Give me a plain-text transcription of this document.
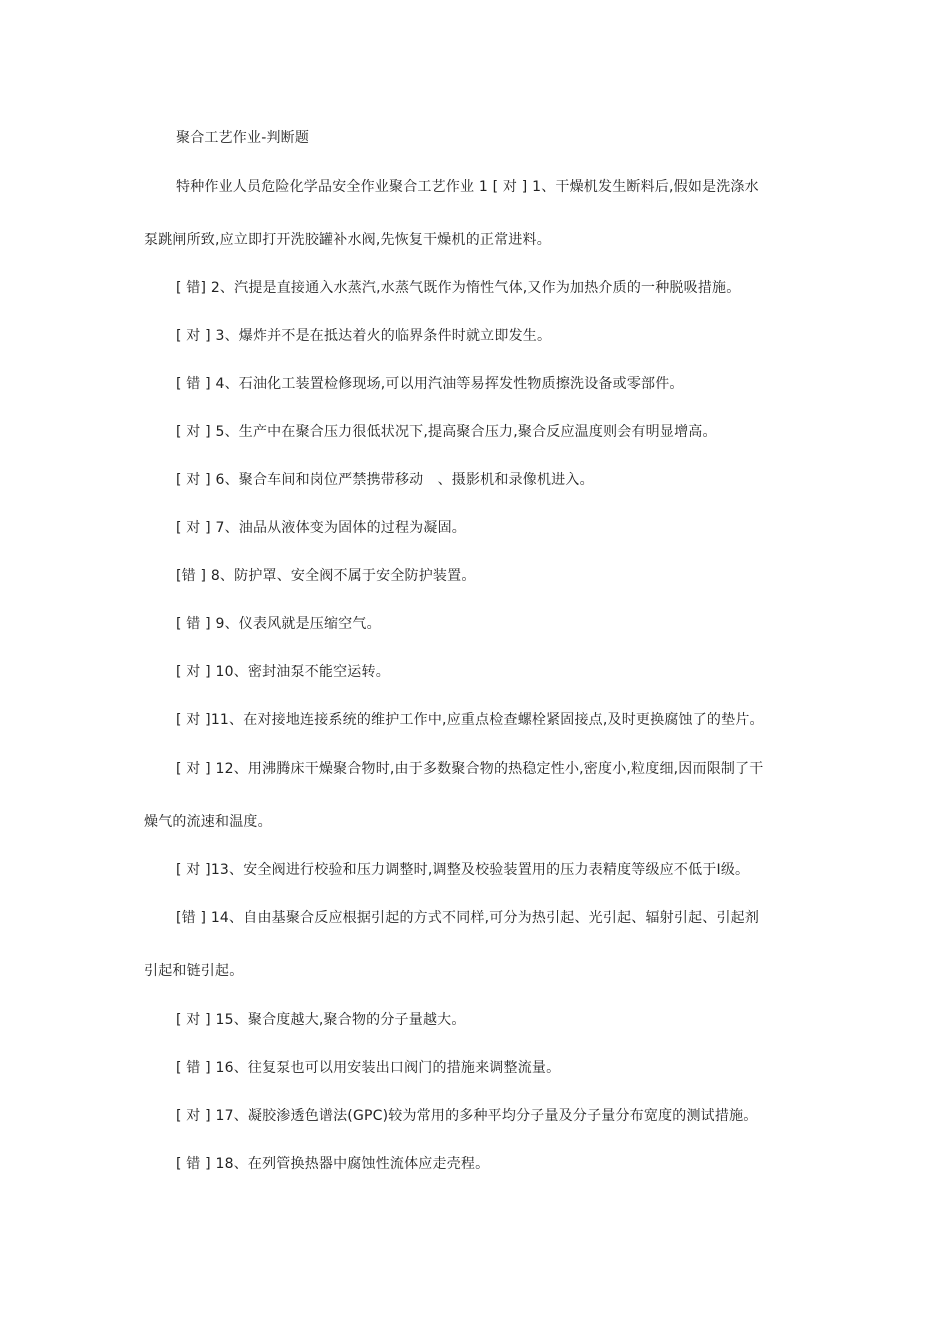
聚合工艺作业-判断题
特种作业人员危险化学品安全作业聚合工艺作业 1 [ 对 ] 1、干燥机发生断料后,假如是洗涤水
泵跳闸所致,应立即打开洗胶罐补水阀,先恢复干燥机的正常进料。
[ 错] 2、汽提是直接通入水蒸汽,水蒸气既作为惰性气体,又作为加热介质的一种脱吸措施。
[ 对 ] 3、爆炸并不是在抵达着火的临界条件时就立即发生。
[ 错 ] 4、石油化工装置检修现场,可以用汽油等易挥发性物质擦洗设备或零部件。
[ 对 ] 5、生产中在聚合压力很低状况下,提高聚合压力,聚合反应温度则会有明显增高。
[ 对 ] 6、聚合车间和岗位严禁携带移动　、摄影机和录像机进入。
[ 对 ] 7、油品从液体变为固体的过程为凝固。
[错 ] 8、防护罩、安全阀不属于安全防护装置。
[ 错 ] 9、仪表风就是压缩空气。
[ 对 ] 10、密封油泵不能空运转。
[ 对 ]11、在对接地连接系统的维护工作中,应重点检查螺栓紧固接点,及时更换腐蚀了的垫片。
[ 对 ] 12、用沸腾床干燥聚合物时,由于多数聚合物的热稳定性小,密度小,粒度细,因而限制了干
燥气的流速和温度。
[ 对 ]13、安全阀进行校验和压力调整时,调整及校验装置用的压力表精度等级应不低于Ⅰ级。
[错 ] 14、自由基聚合反应根据引起的方式不同样,可分为热引起、光引起、辐射引起、引起剂
引起和链引起。
[ 对 ] 15、聚合度越大,聚合物的分子量越大。
[ 错 ] 16、往复泵也可以用安装出口阀门的措施来调整流量。
[ 对 ] 17、凝胶渗透色谱法(GPC)较为常用的多种平均分子量及分子量分布宽度的测试措施。
[ 错 ] 18、在列管换热器中腐蚀性流体应走壳程。
